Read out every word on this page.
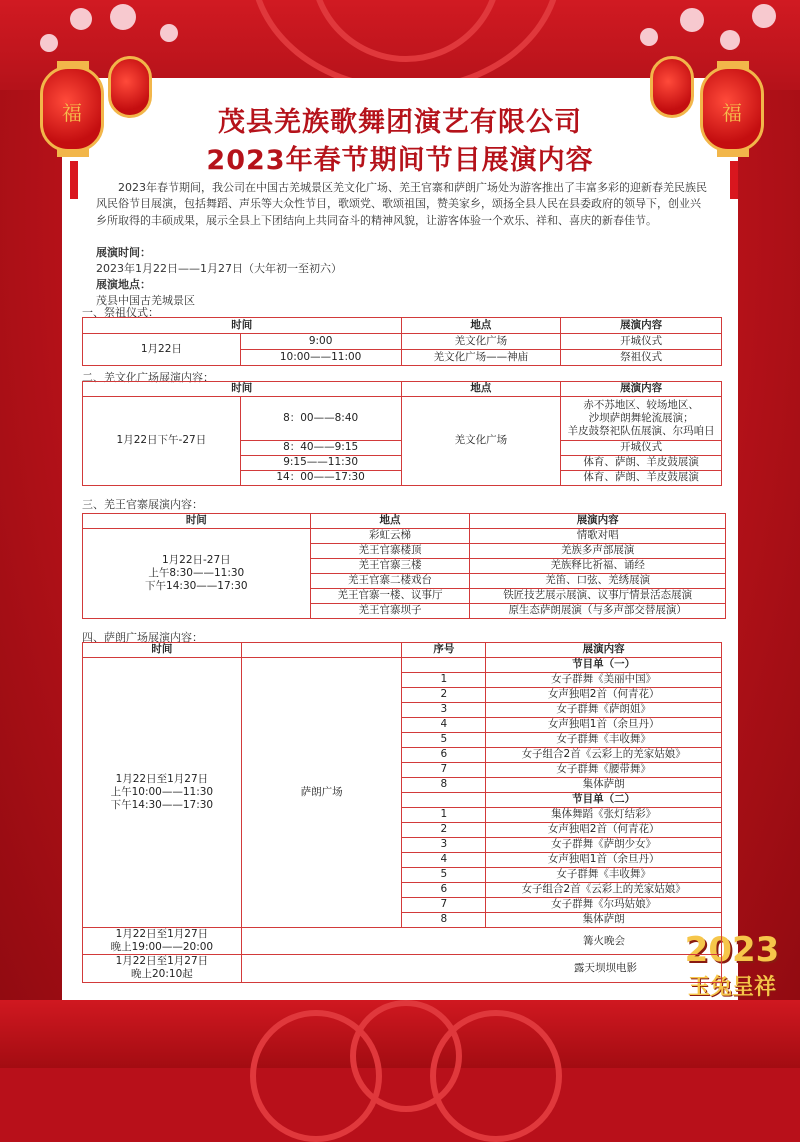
福	福
2023
玉兔呈祥
茂县羌族歌舞团演艺有限公司
2023年春节期间节目展演内容
2023年春节期间，我公司在中国古羌城景区羌文化广场、羌王官寨和萨朗广场处为游客推出了丰富多彩的迎新春羌民族民风民俗节目展演，包括舞蹈、声乐等大众性节目，歌颂党、歌颂祖国，赞美家乡，颂扬全县人民在县委政府的领导下，创业兴乡所取得的丰硕成果，展示全县上下团结向上共同奋斗的精神风貌，让游客体验一个欢乐、祥和、喜庆的新春佳节。
展演时间：
2023年1月22日——1月27日（大年初一至初六）
展演地点：
茂县中国古羌城景区
一、祭祖仪式：
时间		地点	展演内容
1月22日	9:00	羌文化广场	开城仪式
	10:00——11:00	羌文化广场——神庙	祭祖仪式
二、羌文化广场展演内容：
时间		地点	展演内容
1月22日下午-27日	8：00——8:40	羌文化广场	赤不苏地区、较场地区、
沙坝萨朗舞轮流展演；
羊皮鼓祭祀队伍展演、尔玛咱日
	8：40——9:15		开城仪式
	9:15——11:30		体育、萨朗、羊皮鼓展演
	14：00——17:30		体育、萨朗、羊皮鼓展演
三、羌王官寨展演内容：
时间	地点	展演内容
1月22日-27日
上午8:30——11:30
下午14:30——17:30	彩虹云梯	情歌对唱
	羌王官寨楼顶	羌族多声部展演
	羌王官寨三楼	羌族释比祈福、诵经
	羌王官寨二楼戏台	羌笛、口弦、羌绣展演
	羌王官寨一楼、议事厅	铁匠技艺展示展演、议事厅情景活态展演
	羌王官寨坝子	原生态萨朗展演（与多声部交替展演）
四、萨朗广场展演内容：
时间		序号	展演内容
1月22日至1月27日
上午10:00——11:30
下午14:30——17:30	萨朗广场		节目单（一）
		1	女子群舞《美丽中国》
		2	女声独唱2首（何青花）
		3	女子群舞《萨朗姐》
		4	女声独唱1首（余旦丹）
		5	女子群舞《丰收舞》
		6	女子组合2首《云彩上的羌家姑娘》
		7	女子群舞《腰带舞》
		8	集体萨朗
			节目单（二）
		1	集体舞蹈《张灯结彩》
		2	女声独唱2首（何青花）
		3	女子群舞《萨朗少女》
		4	女声独唱1首（余旦丹）
		5	女子群舞《丰收舞》
		6	女子组合2首《云彩上的羌家姑娘》
		7	女子群舞《尔玛姑娘》
		8	集体萨朗
1月22日至1月27日
晚上19:00——20:00	篝火晚会		
1月22日至1月27日
晚上20:10起	露天坝坝电影		
